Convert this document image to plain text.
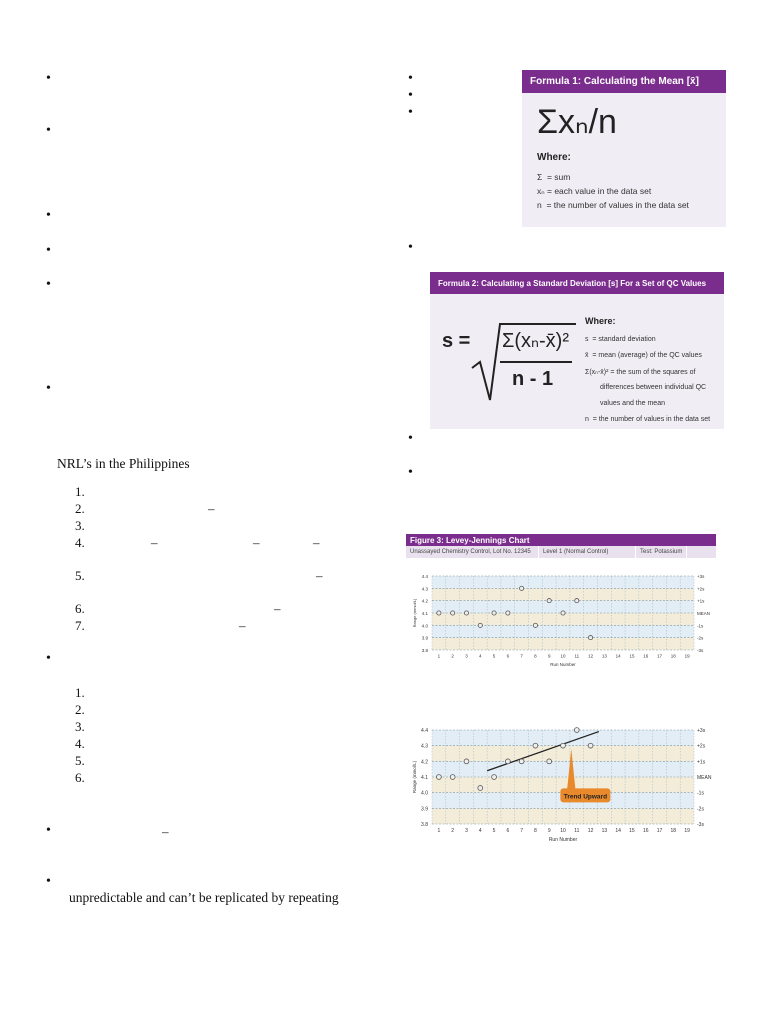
•
•
•
•
•
•
NRL’s in the Philippines
1.
2.
3.
4.
5.
6.
7.
–
–	–	–
–
–
–
•
1.
2.
3.
4.
5.
6.
•	–
•
unpredictable and can’t be replicated by repeating
•
•
•
•
•
•
Formula 1: Calculating the Mean [x̄]
Σxₙ/n
Where:
Σ  = sum
xₙ = each value in the data set
n  = the number of values in the data set
Formula 2: Calculating a Standard Deviation [s] For a Set of QC Values
s = Σ(xₙ-x̄)²
n - 1
Where:
s  = standard deviation
x̄  = mean (average) of the QC values
Σ(xₙ-x̄)² = the sum of the squares of
differences between individual QC
values and the mean
n  = the number of values in the data set
Figure 3: Levey-Jennings Chart
Unassayed Chemistry Control, Lot No. 12345	Level 1 (Normal Control)	Test: Potassium
4.4	+3s
4.3	+2s
4.2	+1s
4.1	MEAN
4.0	-1s
3.9	-2s
3.8	-3s
1	2	3	4	5	6	7	8	9 10 11 12 13 14 15 16 17 18 19
Run Number
Range (mmol/L)
4.4	+3s
4.3	+2s
4.2	+1s
4.1	MEAN
4.0	-1s
3.9	-2s
3.8	-3s
1 2 3 4 5 6 7 8 9 10 11 12 13 14 15 16 17 18 19
Run Number
Range (mmol/L)
Trend Upward
